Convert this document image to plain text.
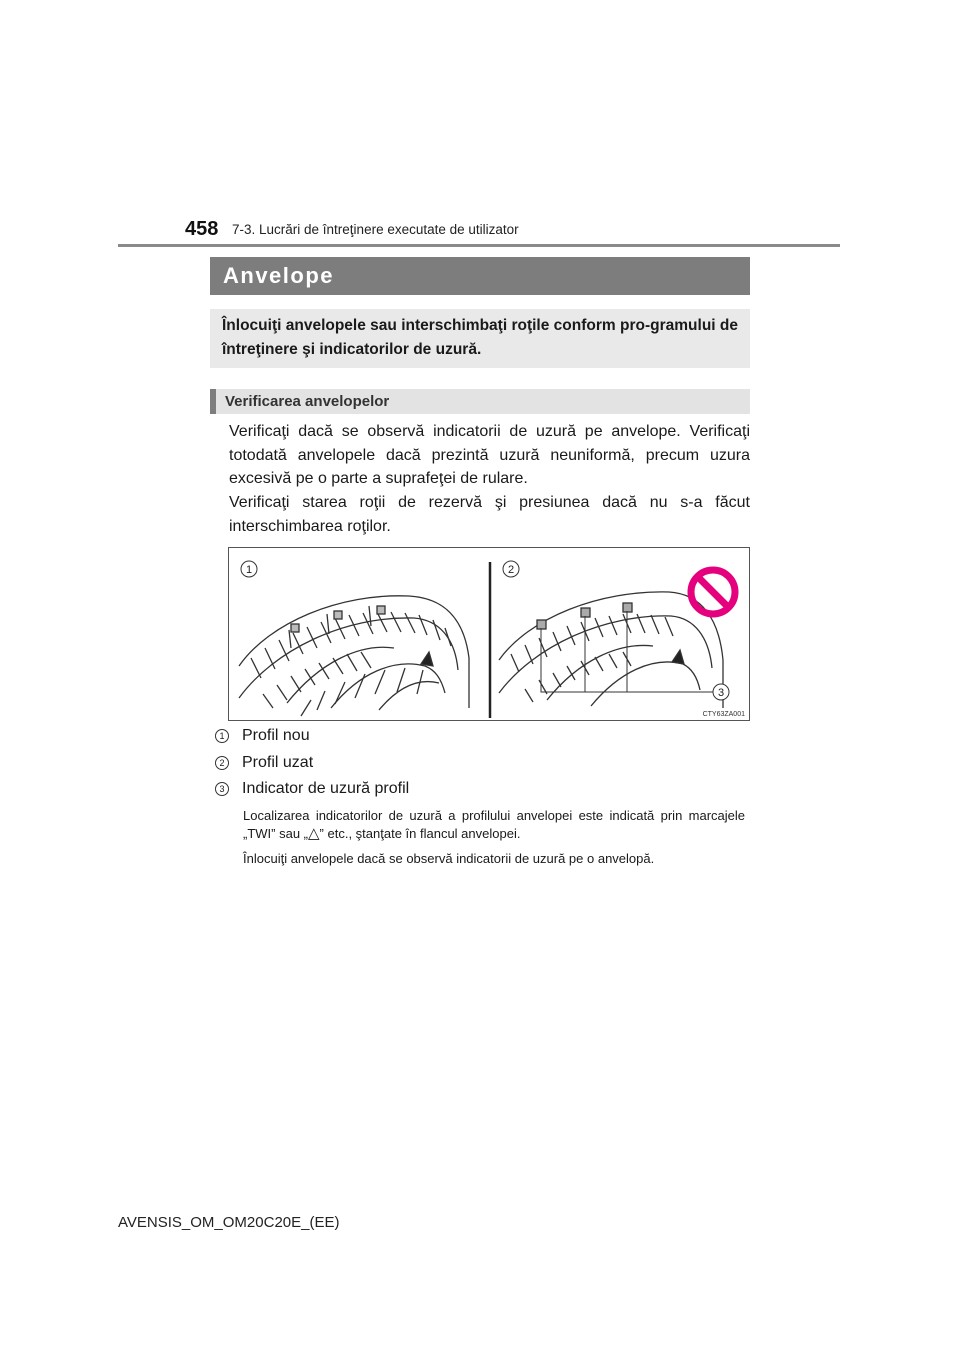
458 7-3. Lucrări de întreţinere executate de utilizator
Anvelope
Înlocuiţi anvelopele sau interschimbaţi roţile conform pro-gramului de întreţinere şi indicatorilor de uzură.
Verificarea anvelopelor

Verificaţi dacă se observă indicatorii de uzură pe anvelope. Verificaţi totodată anvelopele dacă prezintă uzură neuniformă, precum uzura excesivă pe o parte a suprafeţei de rulare.

Verificaţi starea roţii de rezervă şi presiunea dacă nu s-a făcut interschimbarea roţilor.

1	2
3
CTY63ZA001
1 Profil nou
2 Profil uzat
3 Indicator de uzură profil

Localizarea indicatorilor de uzură a profilului anvelopei este indicată prin marcajele „TWI” sau „△” etc., ştanţate în flancul anvelopei.

Înlocuiţi anvelopele dacă se observă indicatorii de uzură pe o anvelopă.

AVENSIS_OM_OM20C20E_(EE)
